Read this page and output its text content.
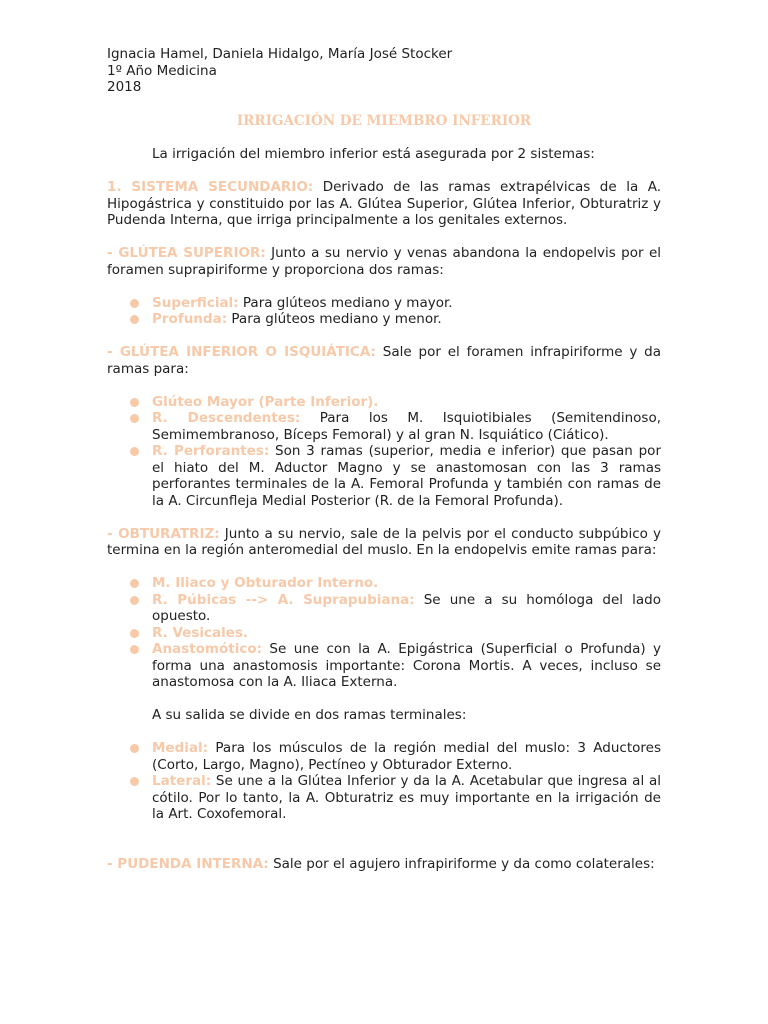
Ignacia Hamel, Daniela Hidalgo, María José Stocker
1º Año Medicina
2018
IRRIGACIÓN DE MIEMBRO INFERIOR
La irrigación del miembro inferior está asegurada por 2 sistemas:

1. SISTEMA SECUNDARIO: Derivado de las ramas extrapélvicas de la A. Hipogástrica y constituido por las A. Glútea Superior, Glútea Inferior, Obturatriz y Pudenda Interna, que irriga principalmente a los genitales externos.

- GLÚTEA SUPERIOR: Junto a su nervio y venas abandona la endopelvis por el foramen suprapiriforme y proporciona dos ramas:

Superficial: Para glúteos mediano y mayor.
Profunda: Para glúteos mediano y menor.

- GLÚTEA INFERIOR O ISQUIÁTICA: Sale por el foramen infrapiriforme y da ramas para:

Glúteo Mayor (Parte Inferior).
R. Descendentes: Para los M. Isquiotibiales (Semitendinoso, Semimembranoso, Bíceps Femoral) y al gran N. Isquiático (Ciático).
R. Perforantes: Son 3 ramas (superior, media e inferior) que pasan por el hiato del M. Aductor Magno y se anastomosan con las 3 ramas perforantes terminales de la A. Femoral Profunda y también con ramas de la A. Circunfleja Medial Posterior (R. de la Femoral Profunda).

- OBTURATRIZ: Junto a su nervio, sale de la pelvis por el conducto subpúbico y termina en la región anteromedial del muslo. En la endopelvis emite ramas para:

M. Iliaco y Obturador Interno.
R. Púbicas --> A. Suprapubiana: Se une a su homóloga del lado opuesto.
R. Vesicales.
Anastomótico: Se une con la A. Epigástrica (Superficial o Profunda) y forma una anastomosis importante: Corona Mortis. A veces, incluso se anastomosa con la A. Iliaca Externa.
A su salida se divide en dos ramas terminales:
Medial: Para los músculos de la región medial del muslo: 3 Aductores (Corto, Largo, Magno), Pectíneo y Obturador Externo.
Lateral: Se une a la Glútea Inferior y da la A. Acetabular que ingresa al al cótilo. Por lo tanto, la A. Obturatriz es muy importante en la irrigación de la Art. Coxofemoral.

- PUDENDA INTERNA: Sale por el agujero infrapiriforme y da como colaterales:
